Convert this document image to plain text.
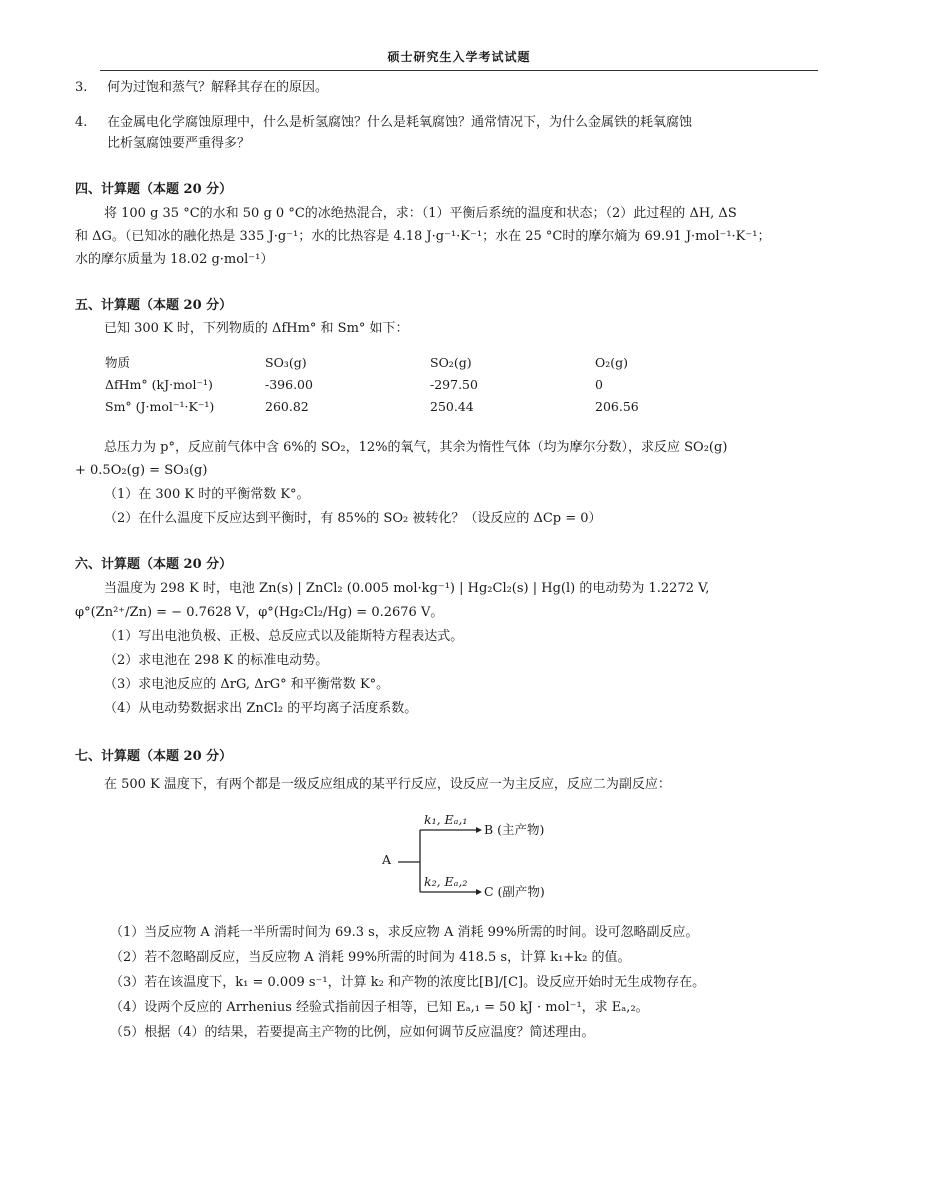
硕士研究生入学考试试题
3. 何为过饱和蒸气？解释其存在的原因。
4. 在金属电化学腐蚀原理中，什么是析氢腐蚀？什么是耗氧腐蚀？通常情况下，为什么金属铁的耗氧腐蚀
比析氢腐蚀要严重得多？
四、计算题（本题 20 分）
将 100 g 35 °C的水和 50 g 0 °C的冰绝热混合，求：（1）平衡后系统的温度和状态；（2）此过程的 ΔH, ΔS
和 ΔG。（已知冰的融化热是 335 J·g⁻¹；水的比热容是 4.18 J·g⁻¹·K⁻¹；水在 25 °C时的摩尔熵为 69.91 J·mol⁻¹·K⁻¹；
水的摩尔质量为 18.02 g·mol⁻¹）
五、计算题（本题 20 分）
已知 300 K 时，下列物质的 ΔfHm° 和 Sm° 如下：
物质	SO₃(g)	SO₂(g)	O₂(g)
ΔfHm° (kJ·mol⁻¹)	-396.00	-297.50	0
Sm° (J·mol⁻¹·K⁻¹)	260.82	250.44	206.56
总压力为 p°，反应前气体中含 6%的 SO₂，12%的氧气，其余为惰性气体（均为摩尔分数），求反应 SO₂(g)
+ 0.5O₂(g) = SO₃(g)
（1）在 300 K 时的平衡常数 K°。
（2）在什么温度下反应达到平衡时，有 85%的 SO₂ 被转化？（设反应的 ΔCp = 0）
六、计算题（本题 20 分）
当温度为 298 K 时，电池 Zn(s) | ZnCl₂ (0.005 mol·kg⁻¹) | Hg₂Cl₂(s) | Hg(l) 的电动势为 1.2272 V,
φ°(Zn²⁺/Zn) = − 0.7628 V，φ°(Hg₂Cl₂/Hg) = 0.2676 V。
（1）写出电池负极、正极、总反应式以及能斯特方程表达式。
（2）求电池在 298 K 的标准电动势。
（3）求电池反应的 ΔrG, ΔrG° 和平衡常数 K°。
（4）从电动势数据求出 ZnCl₂ 的平均离子活度系数。
七、计算题（本题 20 分）
在 500 K 温度下，有两个都是一级反应组成的某平行反应，设反应一为主反应，反应二为副反应：
A
k₁, Eₐ,₁
B (主产物)
k₂, Eₐ,₂
C (副产物)
（1）当反应物 A 消耗一半所需时间为 69.3 s，求反应物 A 消耗 99%所需的时间。设可忽略副反应。
（2）若不忽略副反应，当反应物 A 消耗 99%所需的时间为 418.5 s，计算 k₁+k₂ 的值。
（3）若在该温度下，k₁ = 0.009 s⁻¹，计算 k₂ 和产物的浓度比[B]/[C]。设反应开始时无生成物存在。
（4）设两个反应的 Arrhenius 经验式指前因子相等，已知 Eₐ,₁ = 50 kJ · mol⁻¹，求 Eₐ,₂。
（5）根据（4）的结果，若要提高主产物的比例，应如何调节反应温度？简述理由。
